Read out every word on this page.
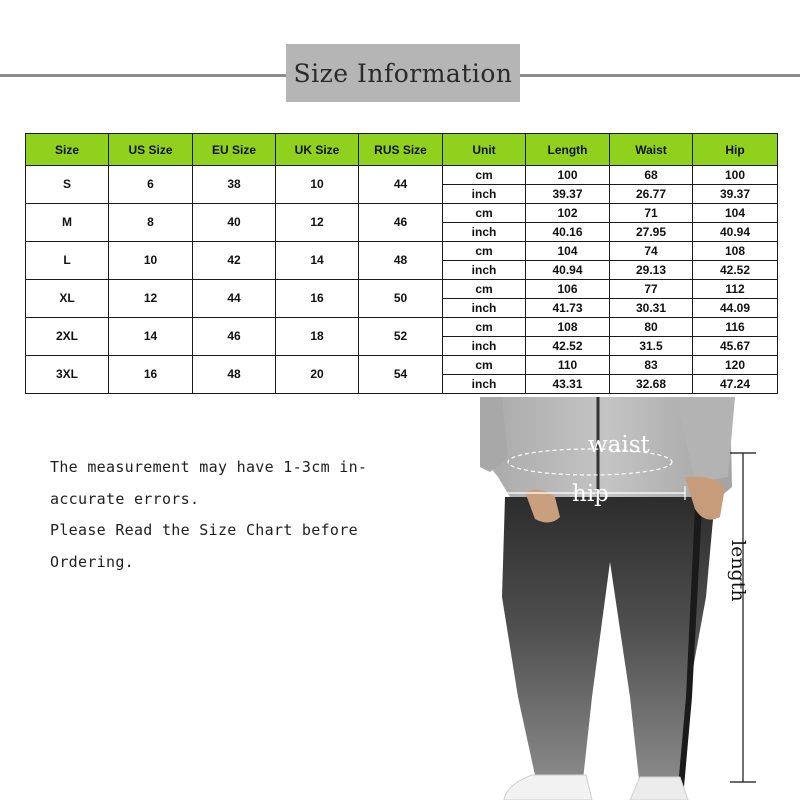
Size Information
Size	US Size	EU Size	UK Size	RUS Size	Unit	Length	Waist	Hip
S	6	38	10	44	cm	100	68	100
					inch	39.37	26.77	39.37
M	8	40	12	46	cm	102	71	104
					inch	40.16	27.95	40.94
L	10	42	14	48	cm	104	74	108
					inch	40.94	29.13	42.52
XL	12	44	16	50	cm	106	77	112
					inch	41.73	30.31	44.09
2XL	14	46	18	52	cm	108	80	116
					inch	42.52	31.5	45.67
3XL	16	48	20	54	cm	110	83	120
					inch	43.31	32.68	47.24
The measurement may have 1-3cm in-
accurate errors.
Please Read the Size Chart before
Ordering.
waist
hip
length
